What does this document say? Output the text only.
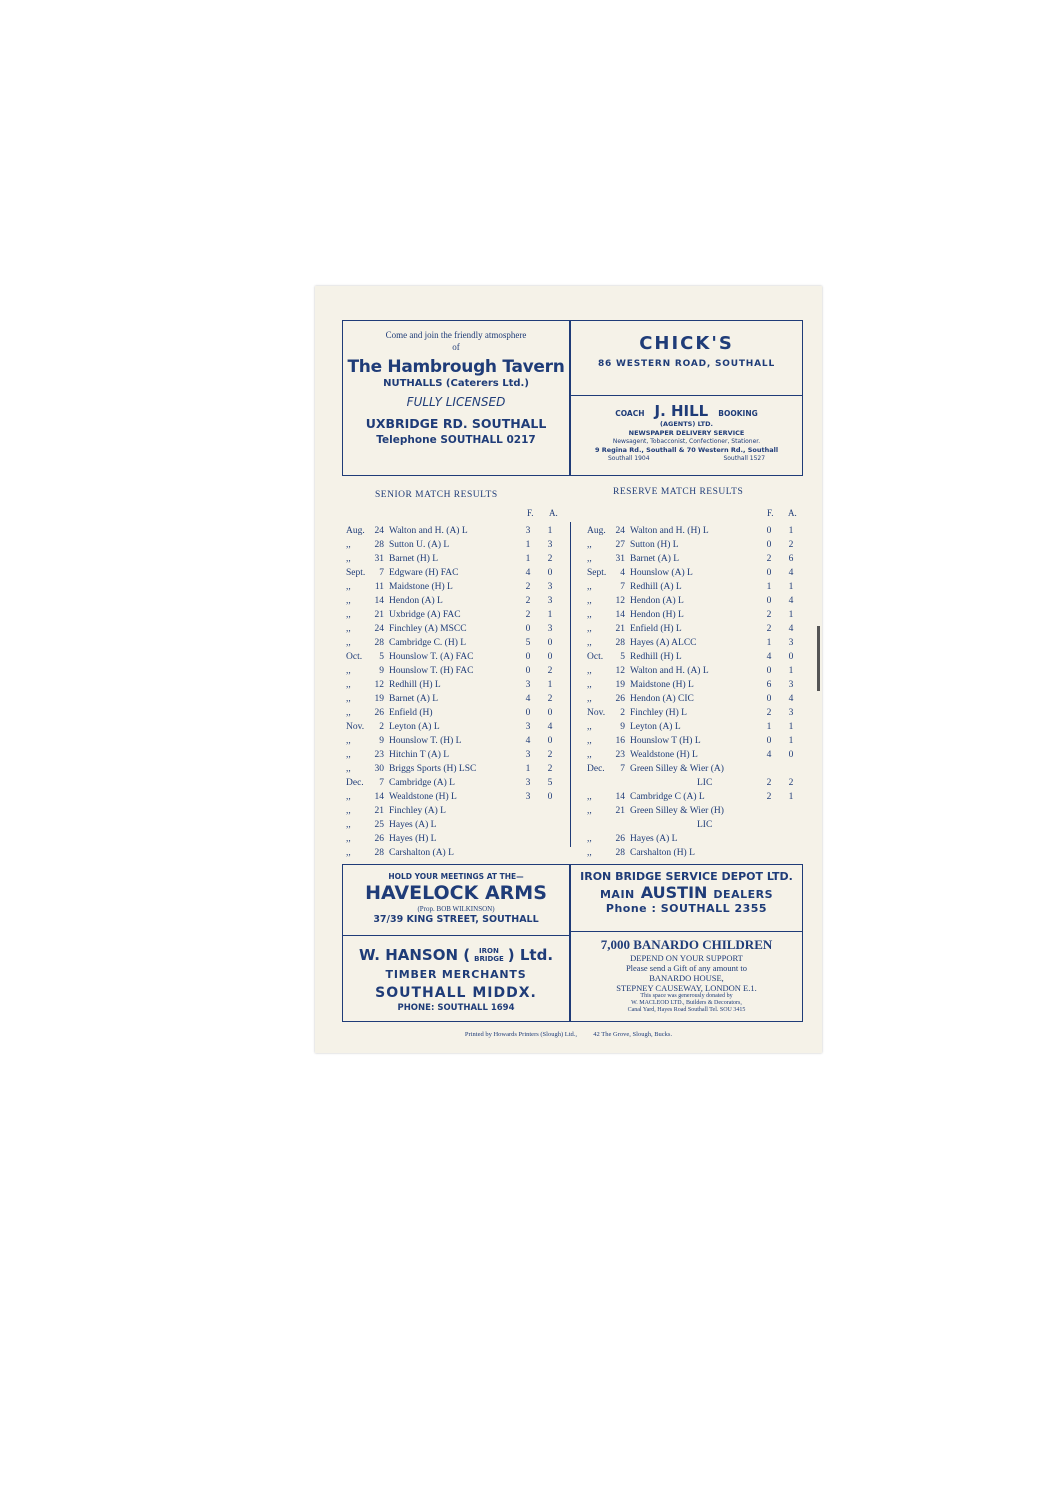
Come and join the friendly atmosphere
of
The Hambrough Tavern
NUTHALLS (Caterers Ltd.)
FULLY LICENSED
UXBRIDGE RD. SOUTHALL
Telephone SOUTHALL 0217
CHICK'S
86 WESTERN ROAD, SOUTHALL
COACH J. HILL BOOKING
(AGENTS) LTD.
NEWSPAPER DELIVERY SERVICE
Newsagent, Tobacconist, Confectioner, Stationer.
9 Regina Rd., Southall & 70 Western Rd., Southall
Southall 1904	Southall 1527
SENIOR MATCH RESULTS
F. A.
Aug.	24 Walton and H. (A) L	3 1
,,	28 Sutton U. (A) L	1 3
,,	31 Barnet (H) L	1 2
Sept.	7 Edgware (H) FAC	4 0
,,	11 Maidstone (H) L	2 3
,,	14 Hendon (A) L	2 3
,,	21 Uxbridge (A) FAC	2 1
,,	24 Finchley (A) MSCC	0 3
,,	28 Cambridge C. (H) L	5 0
Oct.	5 Hounslow T. (A) FAC	0 0
,,	9 Hounslow T. (H) FAC	0 2
,,	12 Redhill (H) L	3 1
,,	19 Barnet (A) L	4 2
,,	26 Enfield (H)	0 0
Nov.	2 Leyton (A) L	3 4
,,	9 Hounslow T. (H) L	4 0
,,	23 Hitchin T (A) L	3 2
,,	30 Briggs Sports (H) LSC	1 2
Dec.	7 Cambridge (A) L	3 5
,,	14 Wealdstone (H) L	3 0
,,	21 Finchley (A) L
,,	25 Hayes (A) L
,,	26 Hayes (H) L
,,	28 Carshalton (A) L
RESERVE MATCH RESULTS
F. A.
Aug.	24 Walton and H. (H) L	0 1
,,	27 Sutton (H) L	0 2
,,	31 Barnet (A) L	2 6
Sept.	4 Hounslow (A) L	0 4
,,	7 Redhill (A) L	1 1
,,	12 Hendon (A) L	0 4
,,	14 Hendon (H) L	2 1
,,	21 Enfield (H) L	2 4
,,	28 Hayes (A) ALCC	1 3
Oct.	5 Redhill (H) L	4 0
,,	12 Walton and H. (A) L	0 1
,,	19 Maidstone (H) L	6 3
,,	26 Hendon (A) CIC	0 4
Nov.	2 Finchley (H) L	2 3
,,	9 Leyton (A) L	1 1
,,	16 Hounslow T (H) L	0 1
,,	23 Wealdstone (H) L	4 0
Dec.	7 Green Silley & Wier (A)
LIC	2 2
,,	14 Cambridge C (A) L	2 1
,,	21 Green Silley & Wier (H)
LIC
,,	26 Hayes (A) L
,,	28 Carshalton (H) L
HOLD YOUR MEETINGS AT THE—
HAVELOCK ARMS
(Prop. BOB WILKINSON)
37/39 KING STREET, SOUTHALL
W. HANSON (	IRON
BRIDGE ) Ltd.
TIMBER MERCHANTS
SOUTHALL MIDDX.
PHONE: SOUTHALL 1694
IRON BRIDGE SERVICE DEPOT LTD.
MAIN AUSTIN DEALERS
Phone : SOUTHALL 2355
7,000 BANARDO CHILDREN
DEPEND ON YOUR SUPPORT
Please send a Gift of any amount to
BANARDO HOUSE,
STEPNEY CAUSEWAY, LONDON E.1.
This space was generously donated by
W. MACLEOD LTD., Builders & Decorators,
Canal Yard, Hayes Road Southall Tel. SOU 3415
Printed by Howards Printers (Slough) Ltd.,	42 The Grove, Slough, Bucks.
